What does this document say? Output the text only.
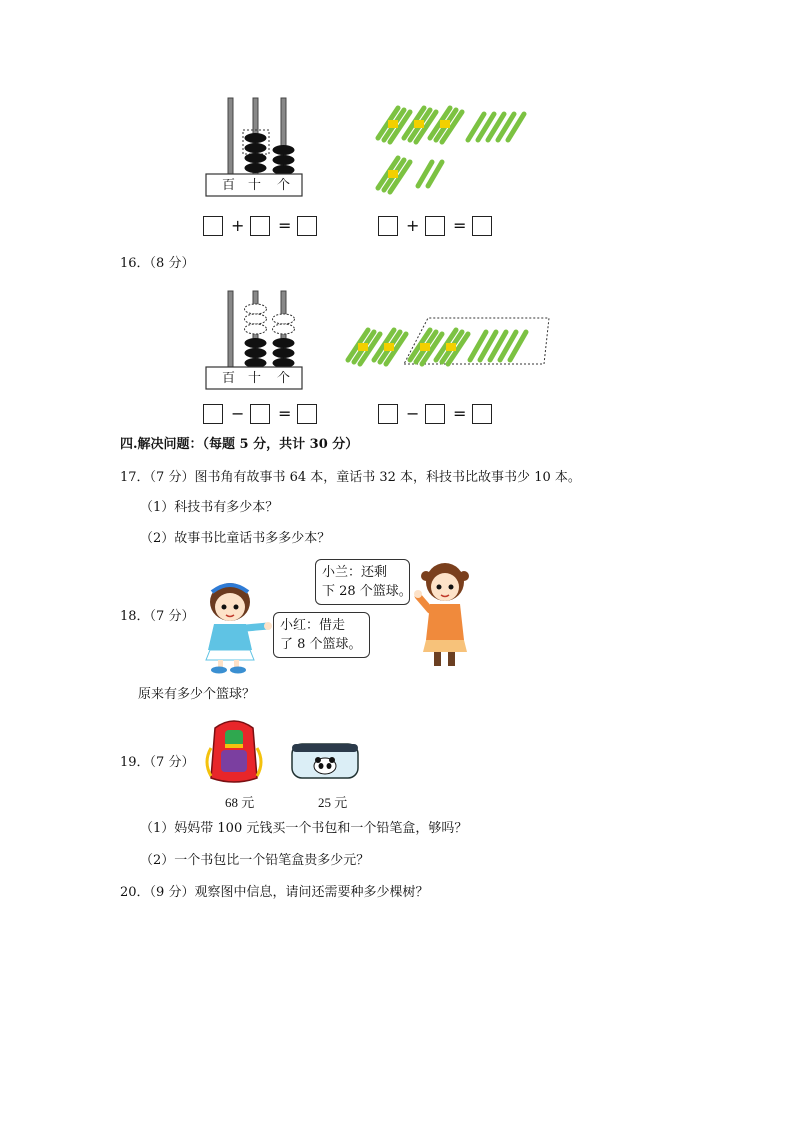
百 十 个
+ =	+ =
16．（8 分）
百 十 个
− =	− =
四.解决问题：（每题 5 分，共计 30 分）
17．（7 分）图书角有故事书 64 本，童话书 32 本，科技书比故事书少 10 本。
（1）科技书有多少本？
（2）故事书比童话书多多少本？
18．（7 分）
小兰：还剩
下 28 个篮球。
小红：借走
了 8 个篮球。
原来有多少个篮球？
19．（7 分）
68 元	25 元
（1）妈妈带 100 元钱买一个书包和一个铅笔盒，够吗？
（2）一个书包比一个铅笔盒贵多少元？
20．（9 分）观察图中信息，请问还需要种多少棵树？
